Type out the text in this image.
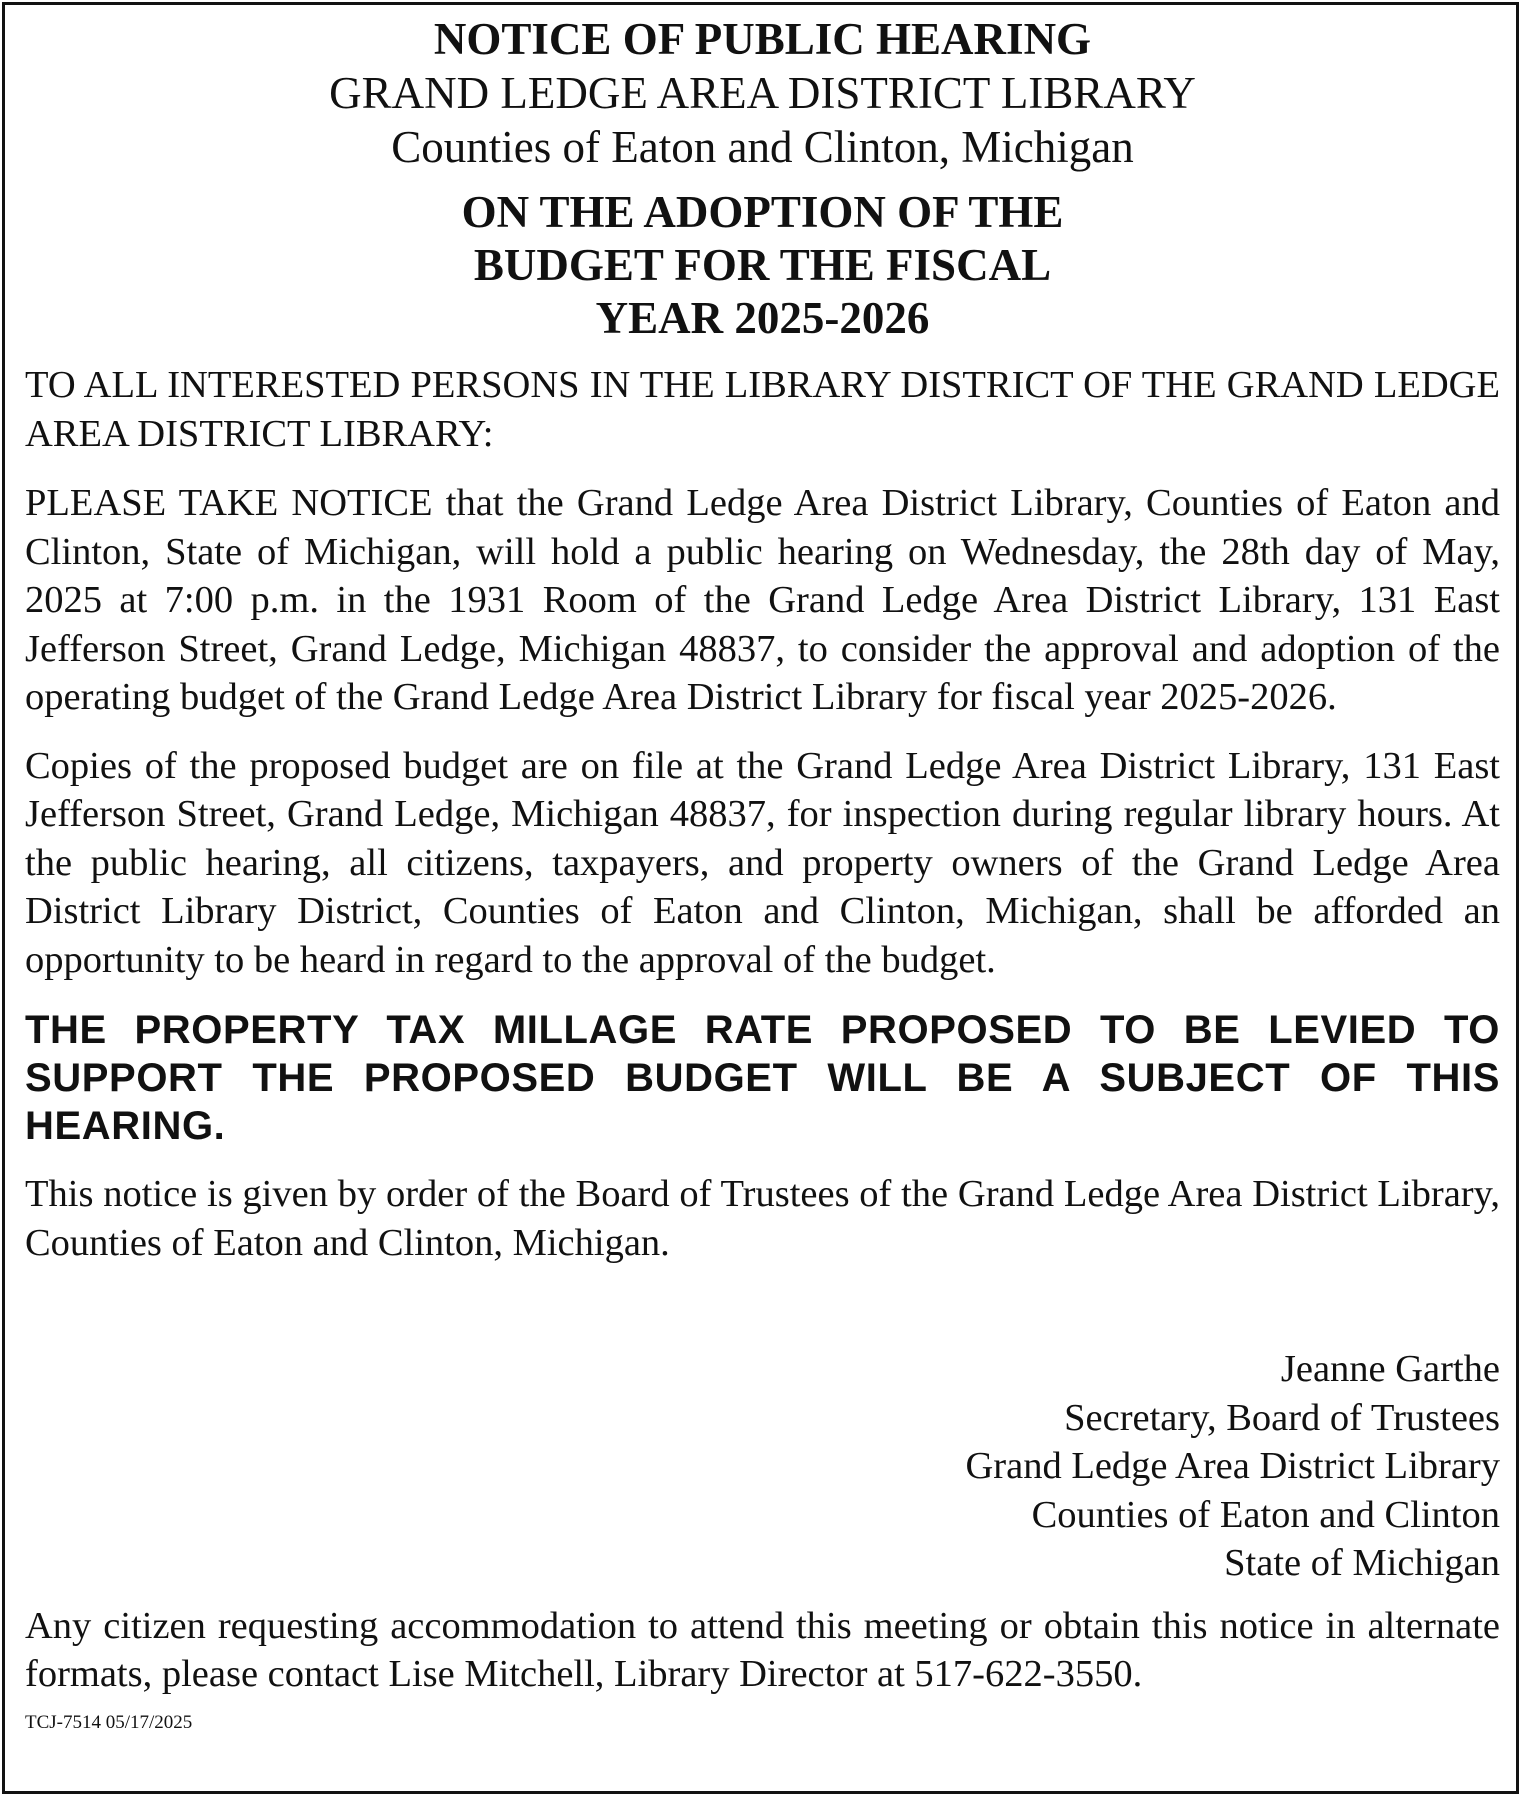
NOTICE OF PUBLIC HEARING

GRAND LEDGE AREA DISTRICT LIBRARY

Counties of Eaton and Clinton, Michigan

ON THE ADOPTION OF THE
BUDGET FOR THE FISCAL
YEAR 2025-2026

TO ALL INTERESTED PERSONS IN THE LIBRARY DISTRICT OF THE GRAND LEDGE AREA DISTRICT LIBRARY:

PLEASE TAKE NOTICE that the Grand Ledge Area District Library, Counties of Eaton and Clinton, State of Michigan, will hold a public hearing on Wednesday, the 28th day of May, 2025 at 7:00 p.m. in the 1931 Room of the Grand Ledge Area District Library, 131 East Jefferson Street, Grand Ledge, Michigan 48837, to consider the approval and adoption of the operating budget of the Grand Ledge Area District Library for fiscal year 2025-2026.

Copies of the proposed budget are on file at the Grand Ledge Area District Library, 131 East Jefferson Street, Grand Ledge, Michigan 48837, for inspection during regular library hours. At the public hearing, all citizens, taxpayers, and property owners of the Grand Ledge Area District Library District, Counties of Eaton and Clinton, Michigan, shall be afforded an opportunity to be heard in regard to the approval of the budget.

THE PROPERTY TAX MILLAGE RATE PROPOSED TO BE LEVIED TO SUPPORT THE PROPOSED BUDGET WILL BE A SUBJECT OF THIS HEARING.

This notice is given by order of the Board of Trustees of the Grand Ledge Area District Library, Counties of Eaton and Clinton, Michigan.

Jeanne Garthe
Secretary, Board of Trustees
Grand Ledge Area District Library
Counties of Eaton and Clinton
State of Michigan

Any citizen requesting accommodation to attend this meeting or obtain this notice in alternate formats, please contact Lise Mitchell, Library Director at 517-622-3550.

TCJ-7514 05/17/2025
